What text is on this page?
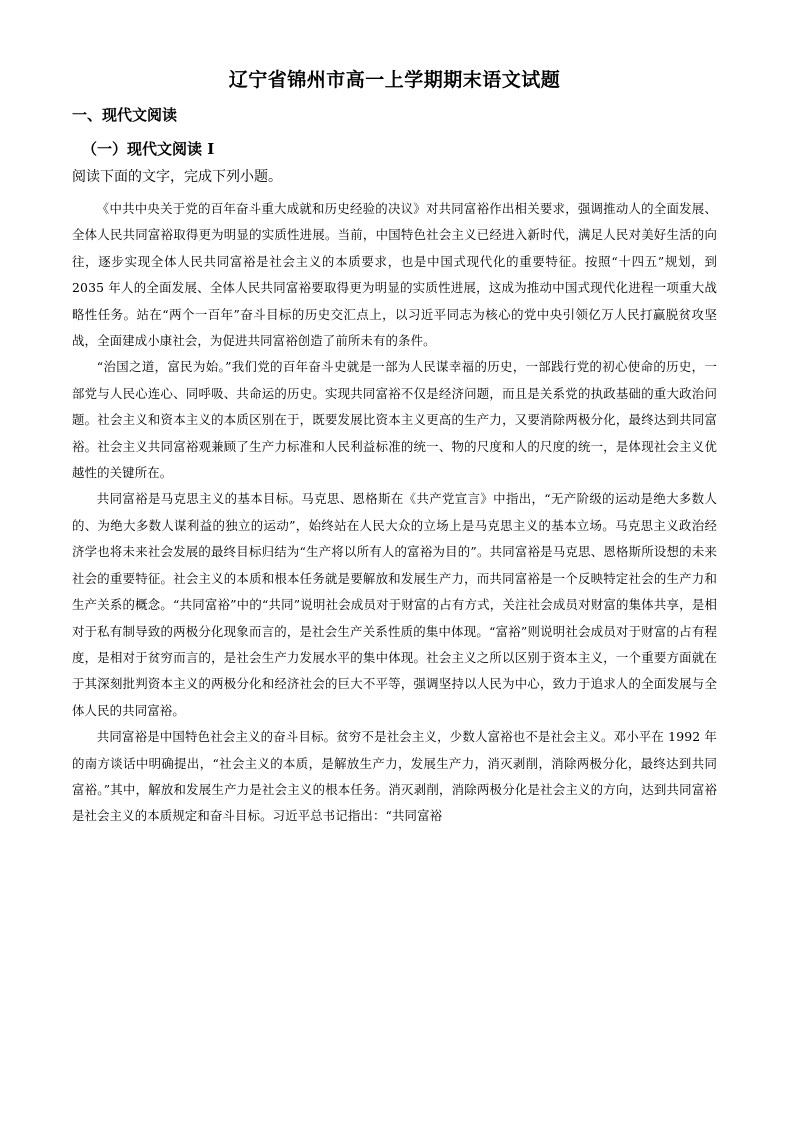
辽宁省锦州市高一上学期期末语文试题
一、现代文阅读
（一）现代文阅读 I
阅读下面的文字，完成下列小题。

《中共中央关于党的百年奋斗重大成就和历史经验的决议》对共同富裕作出相关要求，强调推动人的全面发展、全体人民共同富裕取得更为明显的实质性进展。当前，中国特色社会主义已经进入新时代，满足人民对美好生活的向往，逐步实现全体人民共同富裕是社会主义的本质要求，也是中国式现代化的重要特征。按照“十四五”规划，到 2035 年人的全面发展、全体人民共同富裕要取得更为明显的实质性进展，这成为推动中国式现代化进程一项重大战略性任务。站在“两个一百年”奋斗目标的历史交汇点上，以习近平同志为核心的党中央引领亿万人民打赢脱贫攻坚战，全面建成小康社会，为促进共同富裕创造了前所未有的条件。

“治国之道，富民为始。”我们党的百年奋斗史就是一部为人民谋幸福的历史，一部践行党的初心使命的历史，一部党与人民心连心、同呼吸、共命运的历史。实现共同富裕不仅是经济问题，而且是关系党的执政基础的重大政治问题。社会主义和资本主义的本质区别在于，既要发展比资本主义更高的生产力，又要消除两极分化，最终达到共同富裕。社会主义共同富裕观兼顾了生产力标准和人民利益标准的统一、物的尺度和人的尺度的统一，是体现社会主义优越性的关键所在。

共同富裕是马克思主义的基本目标。马克思、恩格斯在《共产党宣言》中指出，“无产阶级的运动是绝大多数人的、为绝大多数人谋利益的独立的运动”，始终站在人民大众的立场上是马克思主义的基本立场。马克思主义政治经济学也将未来社会发展的最终目标归结为“生产将以所有人的富裕为目的”。共同富裕是马克思、恩格斯所设想的未来社会的重要特征。社会主义的本质和根本任务就是要解放和发展生产力，而共同富裕是一个反映特定社会的生产力和生产关系的概念。“共同富裕”中的“共同”说明社会成员对于财富的占有方式，关注社会成员对财富的集体共享，是相对于私有制导致的两极分化现象而言的，是社会生产关系性质的集中体现。“富裕”则说明社会成员对于财富的占有程度，是相对于贫穷而言的，是社会生产力发展水平的集中体现。社会主义之所以区别于资本主义，一个重要方面就在于其深刻批判资本主义的两极分化和经济社会的巨大不平等，强调坚持以人民为中心，致力于追求人的全面发展与全体人民的共同富裕。

共同富裕是中国特色社会主义的奋斗目标。贫穷不是社会主义，少数人富裕也不是社会主义。邓小平在 1992 年的南方谈话中明确提出，“社会主义的本质，是解放生产力，发展生产力，消灭剥削，消除两极分化，最终达到共同富裕。”其中，解放和发展生产力是社会主义的根本任务。消灭剥削，消除两极分化是社会主义的方向，达到共同富裕是社会主义的本质规定和奋斗目标。习近平总书记指出：“共同富裕
